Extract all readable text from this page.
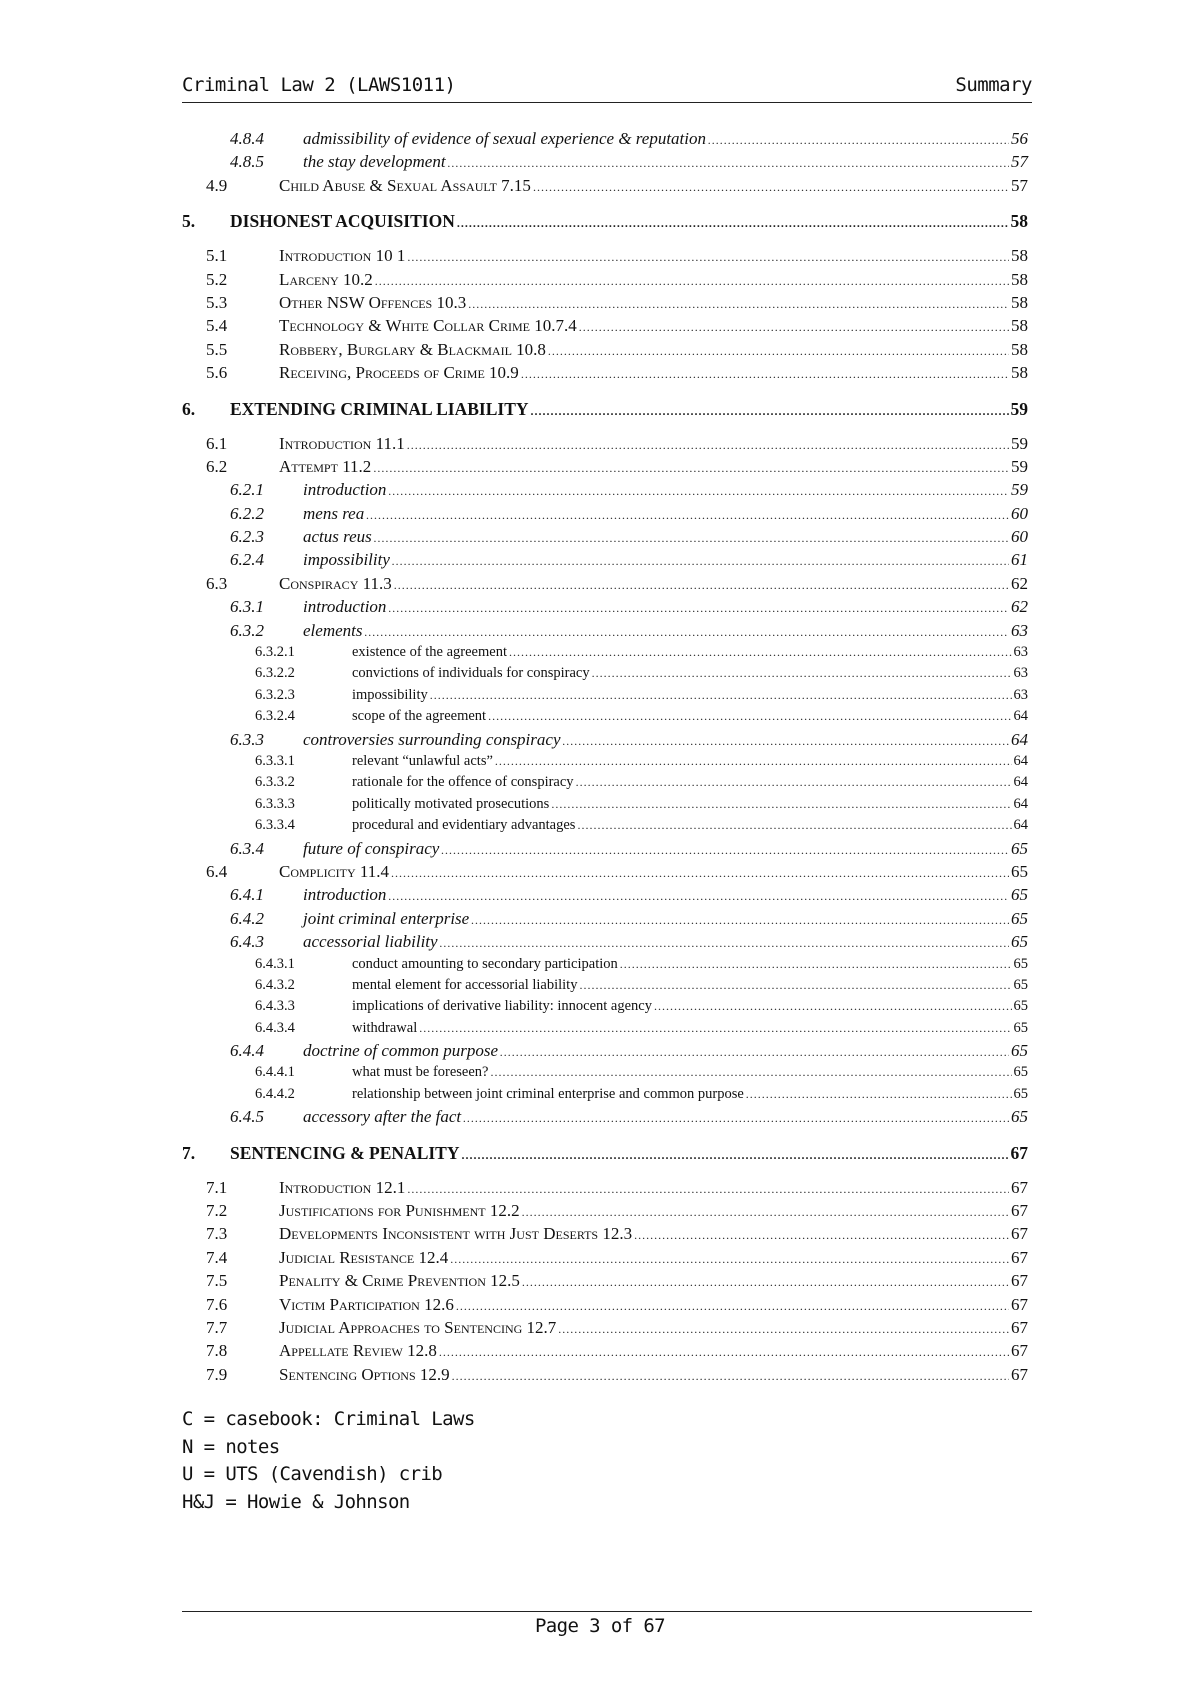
Criminal Law 2 (LAWS1011)	Summary
4.8.4	admissibility of evidence of sexual experience & reputation .....	56
4.8.5	the stay development .....	57
4.9	Child Abuse & Sexual Assault 7.15 .....	57
5.	DISHONEST ACQUISITION .....	58
5.1	Introduction 10 1 .....	58
5.2	Larceny 10.2 .....	58
5.3	Other NSW Offences 10.3 .....	58
5.4	Technology & White Collar Crime 10.7.4 .....	58
5.5	Robbery, Burglary & Blackmail 10.8 .....	58
5.6	Receiving, Proceeds of Crime 10.9 .....	58
6.	EXTENDING CRIMINAL LIABILITY .....	59
6.1	Introduction 11.1 .....	59
6.2	Attempt 11.2 .....	59
6.2.1	introduction .....	59
6.2.2	mens rea .....	60
6.2.3	actus reus .....	60
6.2.4	impossibility .....	61
6.3	Conspiracy 11.3 .....	62
6.3.1	introduction .....	62
6.3.2	elements .....	63
6.3.2.1	existence of the agreement .....	63
6.3.2.2	convictions of individuals for conspiracy .....	63
6.3.2.3	impossibility .....	63
6.3.2.4	scope of the agreement .....	64
6.3.3	controversies surrounding conspiracy .....	64
6.3.3.1	relevant “unlawful acts” .....	64
6.3.3.2	rationale for the offence of conspiracy .....	64
6.3.3.3	politically motivated prosecutions .....	64
6.3.3.4	procedural and evidentiary advantages .....	64
6.3.4	future of conspiracy .....	65
6.4	Complicity 11.4 .....	65
6.4.1	introduction .....	65
6.4.2	joint criminal enterprise .....	65
6.4.3	accessorial liability .....	65
6.4.3.1	conduct amounting to secondary participation .....	65
6.4.3.2	mental element for accessorial liability .....	65
6.4.3.3	implications of derivative liability: innocent agency .....	65
6.4.3.4	withdrawal .....	65
6.4.4	doctrine of common purpose .....	65
6.4.4.1	what must be foreseen? .....	65
6.4.4.2	relationship between joint criminal enterprise and common purpose .....	65
6.4.5	accessory after the fact .....	65
7.	SENTENCING & PENALITY .....	67
7.1	Introduction 12.1 .....	67
7.2	Justifications for Punishment 12.2 .....	67
7.3	Developments Inconsistent with Just Deserts 12.3 .....	67
7.4	Judicial Resistance 12.4 .....	67
7.5	Penality & Crime Prevention 12.5 .....	67
7.6	Victim Participation 12.6 .....	67
7.7	Judicial Approaches to Sentencing 12.7 .....	67
7.8	Appellate Review 12.8 .....	67
7.9	Sentencing Options 12.9 .....	67
C = casebook: Criminal Laws
N = notes
U = UTS (Cavendish) crib
H&J = Howie & Johnson
Page 3 of 67
